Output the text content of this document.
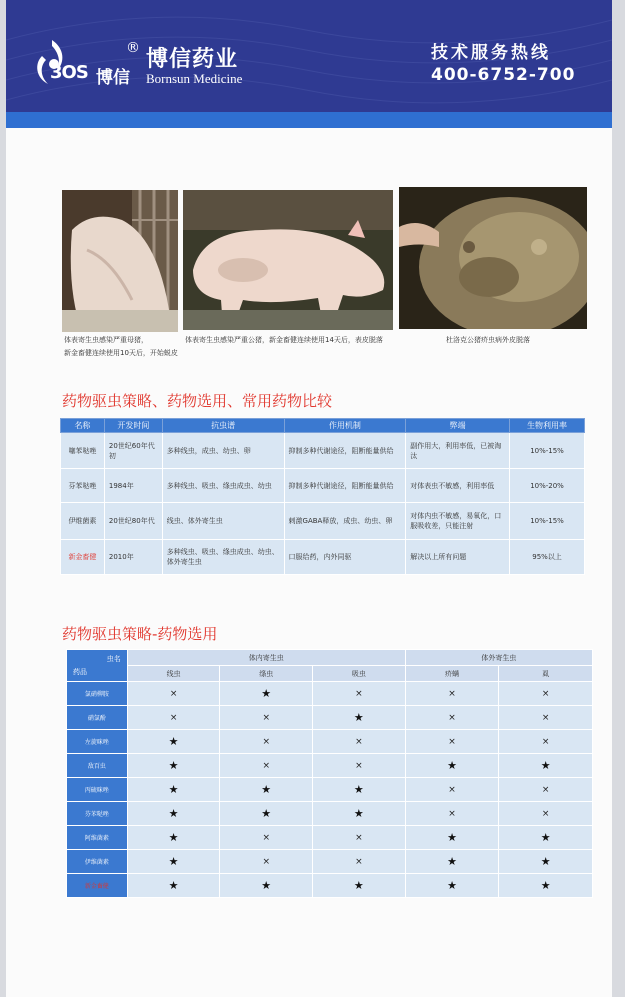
3OS 博信
® 博信药业
Bornsun Medicine
技术服务热线
400-6752-700
体表寄生虫感染严重母猪，
新金畜健连续使用10天后，开始蜕皮
体表寄生虫感染严重公猪，新金畜健连续使用14天后，表皮脱落	杜洛克公猪疥虫病外皮脱落
药物驱虫策略、药物选用、常用药物比较
名称	开发时间	抗虫谱	作用机制	弊端	生物利用率
噻苯哒唑	20世纪60年代初	多种线虫，成虫、幼虫、卵	抑制多种代谢途径，阻断能量供给	副作用大，利用率低，已被淘汰	10%-15%
芬苯哒唑	1984年	多种线虫、吸虫、绦虫成虫、幼虫	抑制多种代谢途径，阻断能量供给	对体表虫不敏感，利用率低	10%-20%
伊维菌素	20世纪80年代	线虫、体外寄生虫	刺激GABA释放，成虫、幼虫、卵	对体内虫不敏感，易氧化，口服吸收差，只能注射	10%-15%
新金畜健	2010年	多种线虫、吸虫、绦虫成虫、幼虫、体外寄生虫	口服给药，内外同驱	解决以上所有问题	95%以上
药物驱虫策略-药物选用
虫名
药品	体内寄生虫			体外寄生虫	
	线虫	绦虫	吸虫	疥螨	虱
氯硝柳胺	×	★	×	×	×
硝氯酚	×	×	★	×	×
左旋咪唑	★	×	×	×	×
敌百虫	★	×	×	★	★
丙硫咪唑	★	★	★	×	×
芬苯哒唑	★	★	★	×	×
阿维菌素	★	×	×	★	★
伊维菌素	★	×	×	★	★
新金畜健	★	★	★	★	★
